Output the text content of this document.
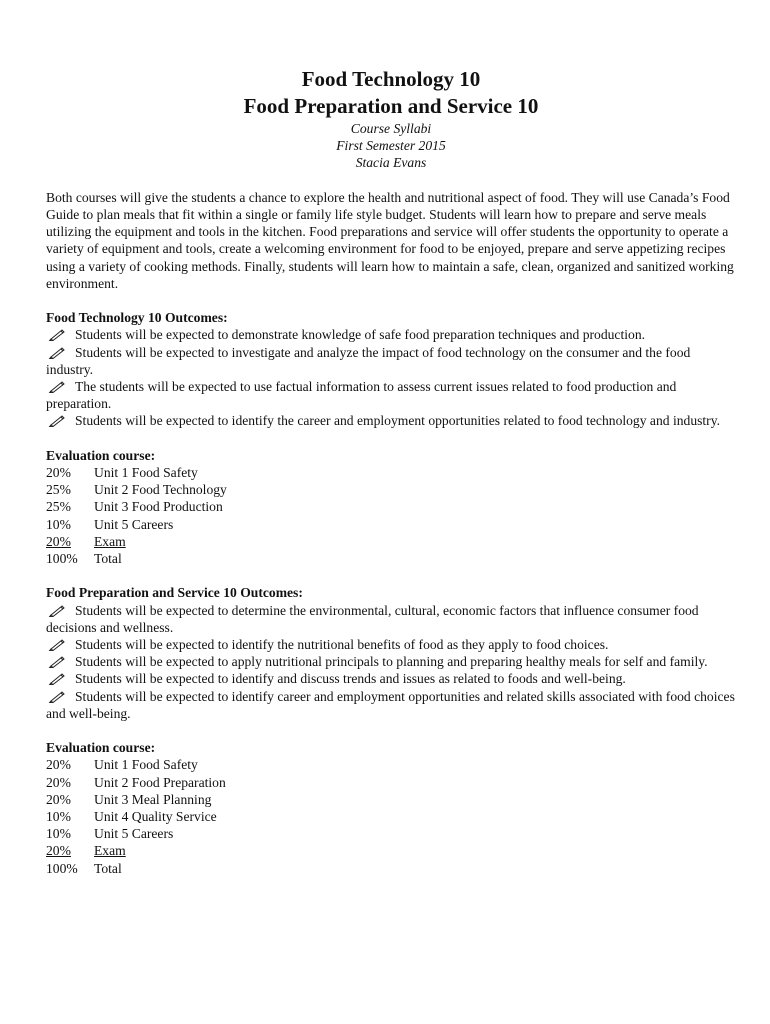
Food Technology 10
Food Preparation and Service 10
Course Syllabi
First Semester 2015
Stacia Evans

Both courses will give the students a chance to explore the health and nutritional aspect of food. They will use Canada’s Food Guide to plan meals that fit within a single or family life style budget. Students will learn how to prepare and serve meals utilizing the equipment and tools in the kitchen. Food preparations and service will offer students the opportunity to operate a variety of equipment and tools, create a welcoming environment for food to be enjoyed, prepare and serve appetizing recipes using a variety of cooking methods. Finally, students will learn how to maintain a safe, clean, organized and sanitized working environment.

Food Technology 10 Outcomes:
Students will be expected to demonstrate knowledge of safe food preparation techniques and production.
Students will be expected to investigate and analyze the impact of food technology on the consumer and the food industry.
The students will be expected to use factual information to assess current issues related to food production and preparation.
Students will be expected to identify the career and employment opportunities related to food technology and industry.
Evaluation course:
20%	Unit 1 Food Safety
25%	Unit 2 Food Technology
25%	Unit 3 Food Production
10%	Unit 5 Careers
20%	Exam
100%	Total
Food Preparation and Service 10 Outcomes:
Students will be expected to determine the environmental, cultural, economic factors that influence consumer food decisions and wellness.
Students will be expected to identify the nutritional benefits of food as they apply to food choices.
Students will be expected to apply nutritional principals to planning and preparing healthy meals for self and family.
Students will be expected to identify and discuss trends and issues as related to foods and well-being.
Students will be expected to identify career and employment opportunities and related skills associated with food choices and well-being.
Evaluation course:
20%	Unit 1 Food Safety
20%	Unit 2 Food Preparation
20%	Unit 3 Meal Planning
10%	Unit 4 Quality Service
10%	Unit 5 Careers
20%	Exam
100%	Total
